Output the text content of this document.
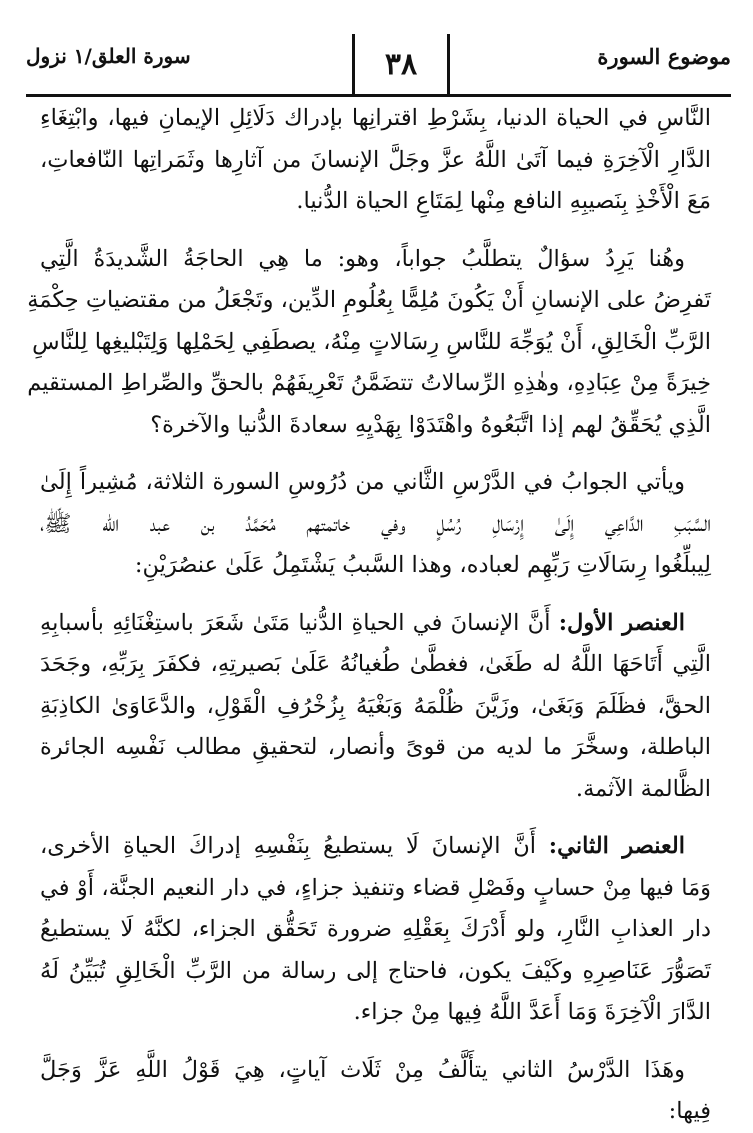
موضوع السورة
٣٨
سورة العلق/١ نزول

النَّاسِ في الحياة الدنيا، بِشَرْطِ اقترانِها بإدراك دَلَائِلِ الإيمانِ فيها، وابْتِغَاءِ
الدَّارِ الْآخِرَةِ فيما آتَىٰ اللَّهُ عزَّ وجَلَّ الإنسانَ من آثارِها وثَمَراتِها النّافعاتِ،
مَعَ الْأَخْذِ بِنَصيبِهِ النافع مِنْها لِمَتَاعِ الحياة الدُّنيا.

وهُنا يَرِدُ سؤالٌ يتطلَّبُ جواباً، وهو: ما هِي الحاجَةُ الشَّديدَةُ الَّتِي
تَفرِضُ على الإنسانِ أَنْ يَكُونَ مُلِمًّا بِعُلُومِ الدِّين، وتَجْعَلُ من مقتضياتِ حِكْمَةِ
الرَّبِّ الْخَالِقِ، أَنْ يُوَجِّهَ للنَّاسِ رِسَالاتٍ مِنْهُ، يصطَفِي لِحَمْلِها وَلِتَبْليغِها لِلنَّاسِ
خِيرَةً مِنْ عِبَادِهِ، وهٰذِهِ الرِّسالاتُ تتضَمَّنُ تَعْرِيفَهُمْ بالحقِّ والصِّراطِ المستقيم
الَّذِي يُحَقِّقُ لهم إذا اتَّبَعُوهُ واهْتَدَوْا بِهَدْيِهِ سعادةَ الدُّنيا والآخرة؟

ويأتي الجوابُ في الدَّرْسِ الثَّاني من دُرُوسِ السورة الثلاثة، مُشِيراً إِلَىٰ
السَّبَبِ الدَّاعِي إِلَىٰ إِرْسَالِ رُسُلٍ وفي خاتمتهم مُحَمَّدُ بن عبد الله ﷺ،
لِيبلِّغُوا رِسَالَاتِ رَبِّهِم لعباده، وهذا السَّببُ يَشْتَمِلُ عَلَىٰ عنصُرَيْنِ:

العنصر الأول: أَنَّ الإنسانَ في الحياةِ الدُّنيا مَتَىٰ شَعَرَ باستِغْنَائِهِ بأسبابِهِ
الَّتِي أَتَاحَهَا اللَّهُ له طَغَىٰ، فغطَّىٰ طُغيانُهُ عَلَىٰ بَصيرتِهِ، فكفَرَ بِرَبِّهِ، وجَحَدَ
الحقَّ، فظَلَمَ وَبَغَىٰ، وزَيَّنَ ظُلْمَهُ وَبَغْيَهُ بِزُخْرُفِ الْقَوْلِ، والدَّعَاوَىٰ الكاذِبَةِ
الباطلة، وسخَّرَ ما لديه من قوىً وأنصار، لتحقيقِ مطالب نَفْسِه الجائرة
الظَّالمة الآثمة.

العنصر الثاني: أَنَّ الإنسانَ لَا يستطيعُ بِنَفْسِهِ إدراكَ الحياةِ الأخرى،
وَمَا فيها مِنْ حسابٍ وفَصْلِ قضاء وتنفيذ جزاءٍ، في دار النعيم الجنَّة، أَوْ في
دار العذابِ النَّارِ، ولو أَدْرَكَ بِعَقْلِهِ ضرورة تَحَقُّق الجزاء، لكنَّهُ لَا يستطيعُ
تَصَوُّرَ عَنَاصِرِهِ وكَيْفَ يكون، فاحتاج إلى رسالة من الرَّبِّ الْخَالِقِ تُبَيِّنُ لَهُ
الدَّارَ الْآخِرَةَ وَمَا أَعَدَّ اللَّهُ فِيها مِنْ جزاء.

وهَذَا الدَّرْسُ الثاني يتأَلَّفُ مِنْ ثَلَاث آياتٍ، هِيَ قَوْلُ اللَّهِ عَزَّ وَجَلَّ
فِيها:
